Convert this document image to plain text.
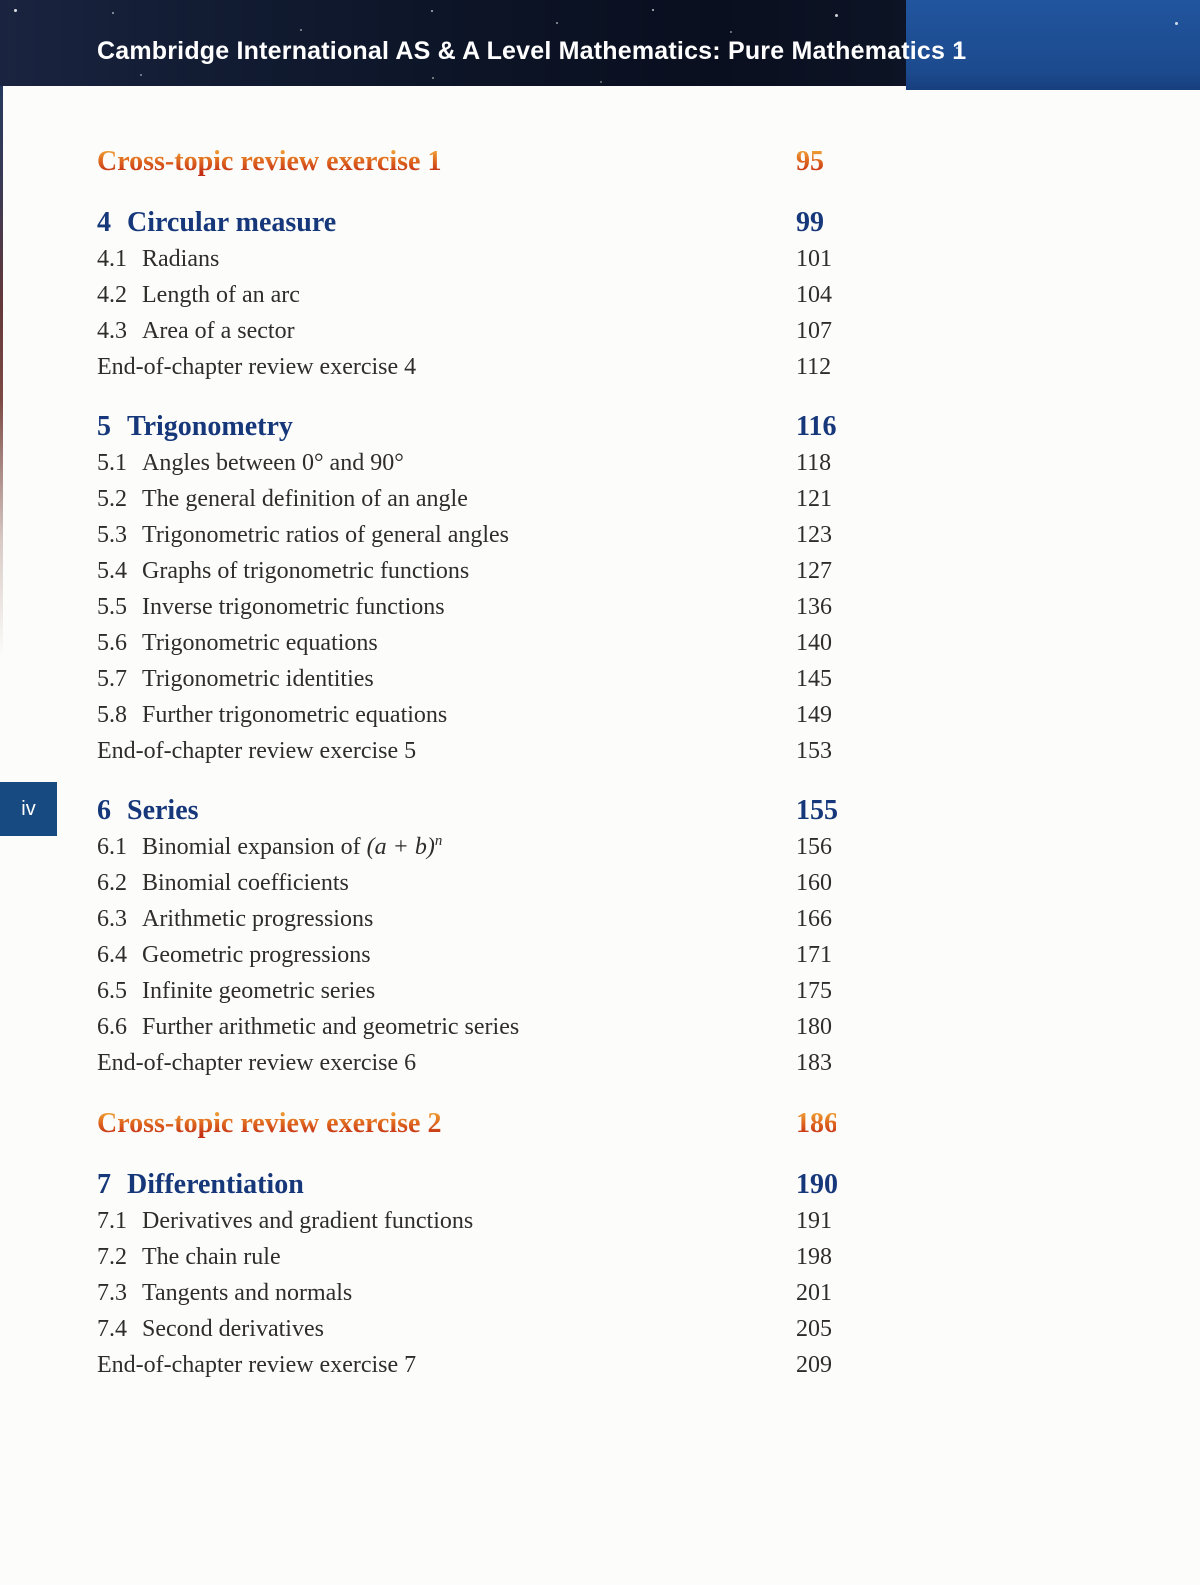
Cambridge International AS & A Level Mathematics: Pure Mathematics 1
iv
Cross-topic review exercise 1	95
4 Circular measure	99
4.1 Radians	101
4.2 Length of an arc	104
4.3 Area of a sector	107
End-of-chapter review exercise 4	112
5 Trigonometry	116
5.1 Angles between 0° and 90°	118
5.2 The general definition of an angle	121
5.3 Trigonometric ratios of general angles	123
5.4 Graphs of trigonometric functions	127
5.5 Inverse trigonometric functions	136
5.6 Trigonometric equations	140
5.7 Trigonometric identities	145
5.8 Further trigonometric equations	149
End-of-chapter review exercise 5	153
6 Series	155
6.1 Binomial expansion of $(a + b)^n$	156
6.2 Binomial coefficients	160
6.3 Arithmetic progressions	166
6.4 Geometric progressions	171
6.5 Infinite geometric series	175
6.6 Further arithmetic and geometric series	180
End-of-chapter review exercise 6	183
Cross-topic review exercise 2	186
7 Differentiation	190
7.1 Derivatives and gradient functions	191
7.2 The chain rule	198
7.3 Tangents and normals	201
7.4 Second derivatives	205
End-of-chapter review exercise 7	209
